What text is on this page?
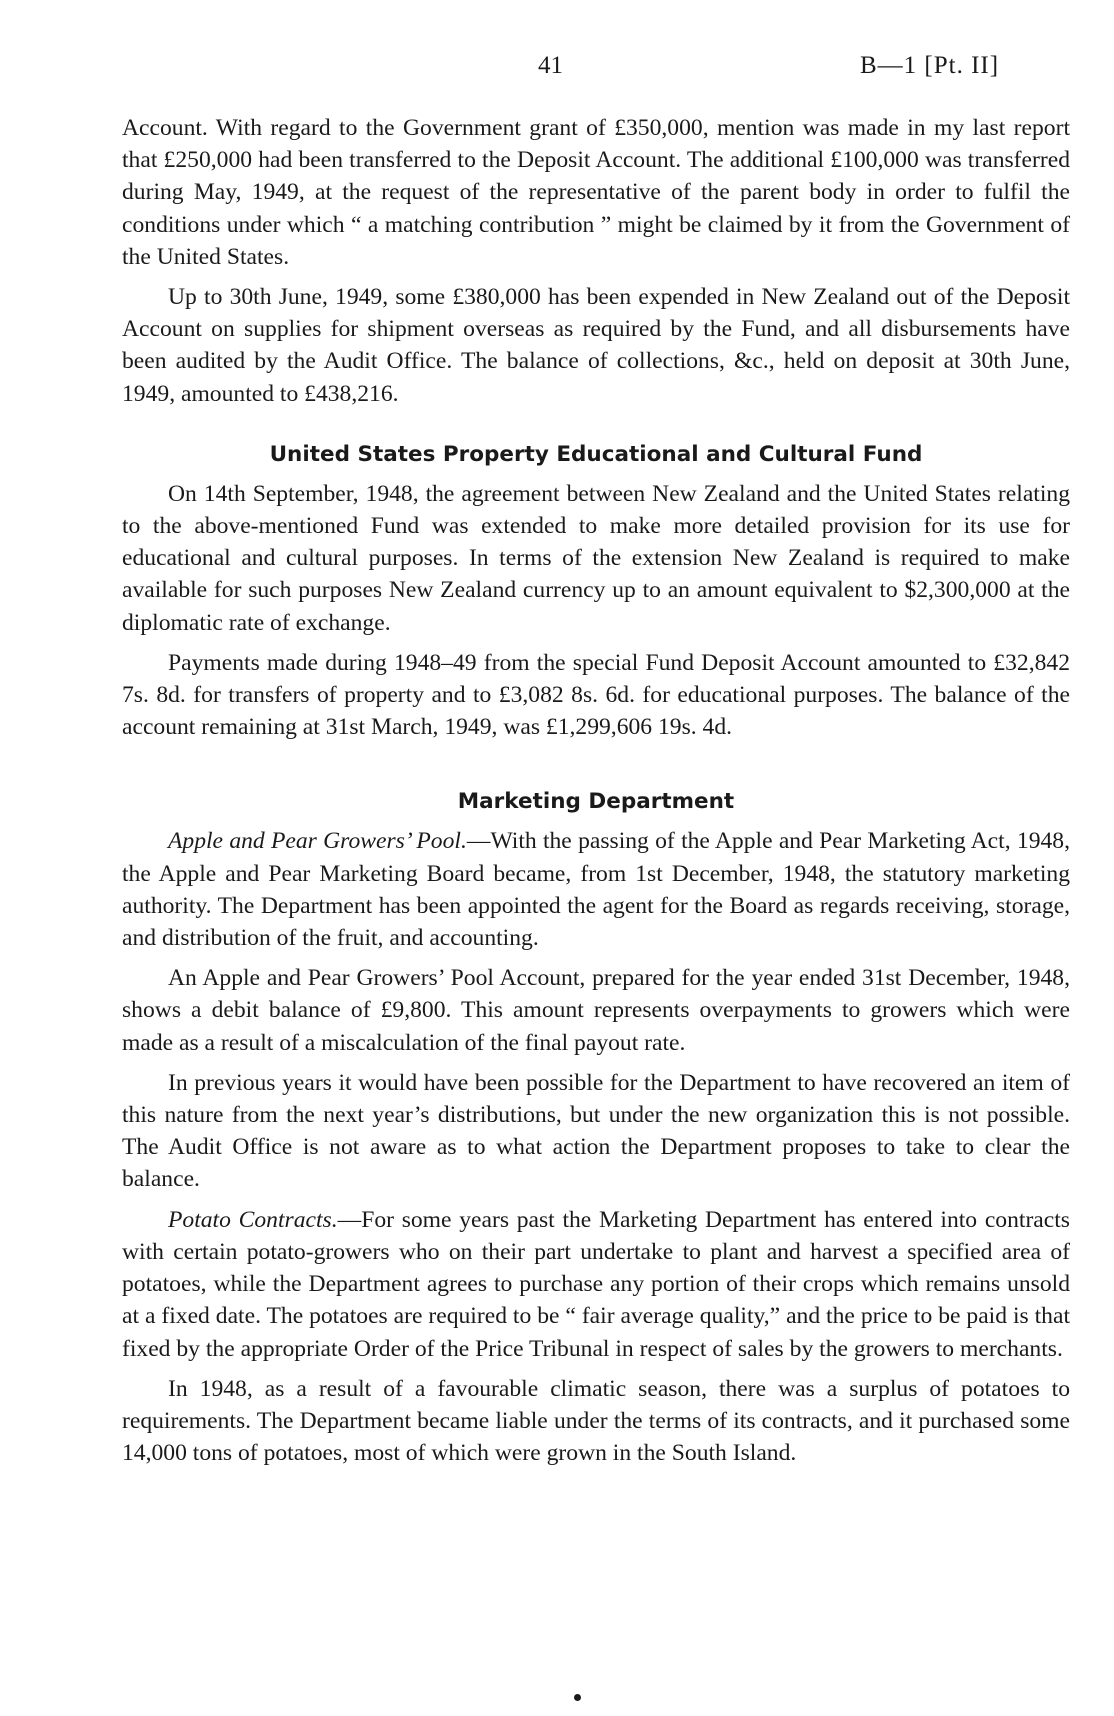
41	B—1 [Pt. II]

Account. With regard to the Government grant of £350,000, mention was made in my last report that £250,000 had been transferred to the Deposit Account. The additional £100,000 was transferred during May, 1949, at the request of the representative of the parent body in order to fulfil the conditions under which “ a matching contribution ” might be claimed by it from the Government of the United States.

Up to 30th June, 1949, some £380,000 has been expended in New Zealand out of the Deposit Account on supplies for shipment overseas as required by the Fund, and all disbursements have been audited by the Audit Office. The balance of collections, &c., held on deposit at 30th June, 1949, amounted to £438,216.

United States Property Educational and Cultural Fund

On 14th September, 1948, the agreement between New Zealand and the United States relating to the above-mentioned Fund was extended to make more detailed provision for its use for educational and cultural purposes. In terms of the extension New Zealand is required to make available for such purposes New Zealand currency up to an amount equivalent to $2,300,000 at the diplomatic rate of exchange.

Payments made during 1948–49 from the special Fund Deposit Account amounted to £32,842 7s. 8d. for transfers of property and to £3,082 8s. 6d. for educational purposes. The balance of the account remaining at 31st March, 1949, was £1,299,606 19s. 4d.

Marketing Department

Apple and Pear Growers’ Pool.—With the passing of the Apple and Pear Marketing Act, 1948, the Apple and Pear Marketing Board became, from 1st December, 1948, the statutory marketing authority. The Department has been appointed the agent for the Board as regards receiving, storage, and distribution of the fruit, and accounting.

An Apple and Pear Growers’ Pool Account, prepared for the year ended 31st December, 1948, shows a debit balance of £9,800. This amount represents overpayments to growers which were made as a result of a miscalculation of the final payout rate.

In previous years it would have been possible for the Department to have recovered an item of this nature from the next year’s distributions, but under the new organization this is not possible. The Audit Office is not aware as to what action the Department proposes to take to clear the balance.

Potato Contracts.—For some years past the Marketing Department has entered into contracts with certain potato-growers who on their part undertake to plant and harvest a specified area of potatoes, while the Department agrees to purchase any portion of their crops which remains unsold at a fixed date. The potatoes are required to be “ fair average quality,” and the price to be paid is that fixed by the appropriate Order of the Price Tribunal in respect of sales by the growers to merchants.

In 1948, as a result of a favourable climatic season, there was a surplus of potatoes to requirements. The Department became liable under the terms of its contracts, and it purchased some 14,000 tons of potatoes, most of which were grown in the South Island.
